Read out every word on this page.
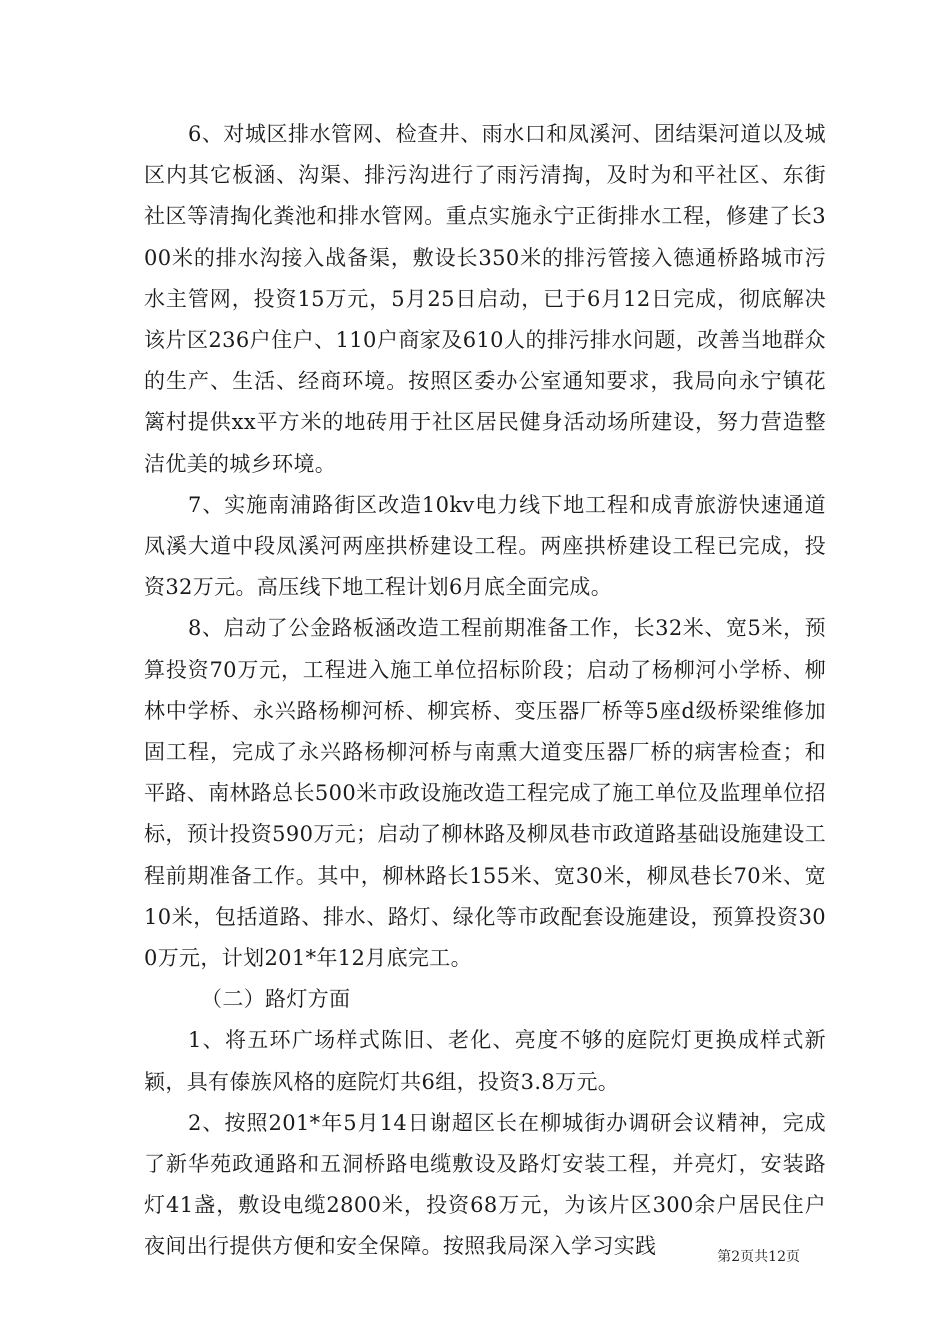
6、对城区排水管网、检查井、雨水口和凤溪河、团结渠河道以及城区内其它板涵、沟渠、排污沟进行了雨污清掏，及时为和平社区、东街社区等清掏化粪池和排水管网。重点实施永宁正街排水工程，修建了长300米的排水沟接入战备渠，敷设长350米的排污管接入德通桥路城市污水主管网，投资15万元，5月25日启动，已于6月12日完成，彻底解决该片区236户住户、110户商家及610人的排污排水问题，改善当地群众的生产、生活、经商环境。按照区委办公室通知要求，我局向永宁镇花篱村提供xx平方米的地砖用于社区居民健身活动场所建设，努力营造整洁优美的城乡环境。

7、实施南浦路街区改造10kv电力线下地工程和成青旅游快速通道凤溪大道中段凤溪河两座拱桥建设工程。两座拱桥建设工程已完成，投资32万元。高压线下地工程计划6月底全面完成。

8、启动了公金路板涵改造工程前期准备工作，长32米、宽5米，预算投资70万元，工程进入施工单位招标阶段；启动了杨柳河小学桥、柳林中学桥、永兴路杨柳河桥、柳宾桥、变压器厂桥等5座d级桥梁维修加固工程，完成了永兴路杨柳河桥与南熏大道变压器厂桥的病害检查；和平路、南林路总长500米市政设施改造工程完成了施工单位及监理单位招标，预计投资590万元；启动了柳林路及柳凤巷市政道路基础设施建设工程前期准备工作。其中，柳林路长155米、宽30米，柳凤巷长70米、宽10米，包括道路、排水、路灯、绿化等市政配套设施建设，预算投资300万元，计划201*年12月底完工。

（二）路灯方面

1、将五环广场样式陈旧、老化、亮度不够的庭院灯更换成样式新颖，具有傣族风格的庭院灯共6组，投资3.8万元。

2、按照201*年5月14日谢超区长在柳城街办调研会议精神，完成了新华苑政通路和五洞桥路电缆敷设及路灯安装工程，并亮灯，安装路灯41盏，敷设电缆2800米，投资68万元，为该片区300余户居民住户夜间出行提供方便和安全保障。按照我局深入学习实践	第2页共12页
